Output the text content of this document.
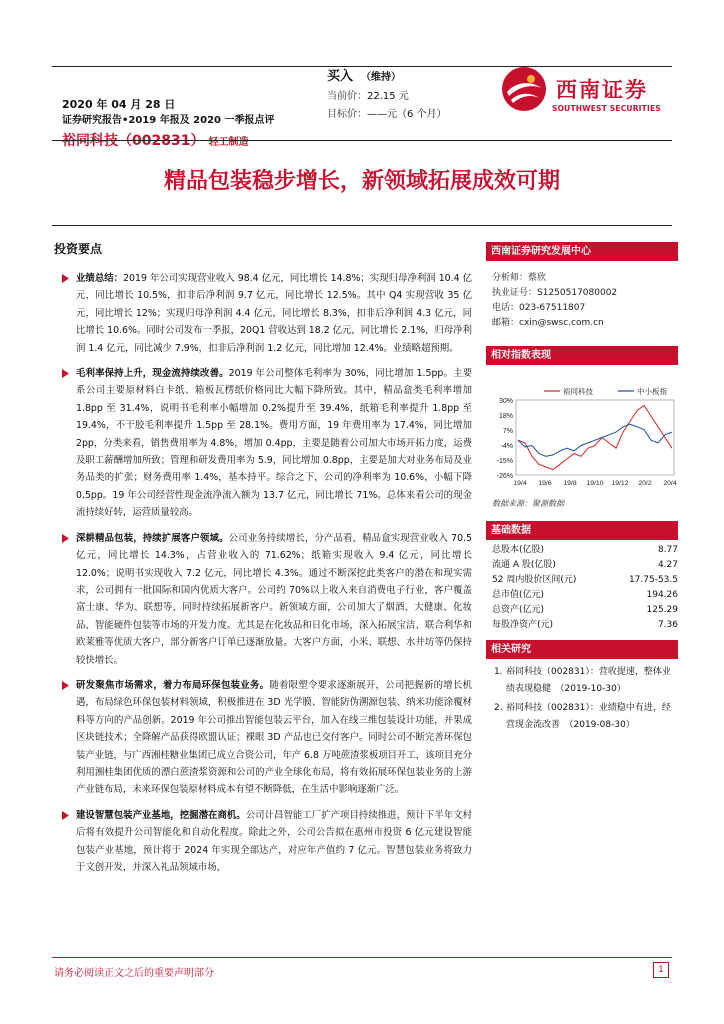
2020 年 04 月 28 日
证券研究报告•2019 年报及 2020 一季报点评
裕同科技（002831） 轻工制造
买入 （维持）
当前价：22.15 元
目标价：——元（6 个月）
西南证券
SOUTHWEST SECURITIES
精品包装稳步增长，新领域拓展成效可期
投资要点
业绩总结：2019 年公司实现营业收入 98.4 亿元，同比增长 14.8%；实现归母净利润 10.4 亿元，同比增长 10.5%，扣非后净利润 9.7 亿元，同比增长 12.5%。其中 Q4 实现营收 35 亿元，同比增长 12%；实现归母净利润 4.4 亿元，同比增长 8.3%，扣非后净利润 4.3 亿元，同比增长 10.6%。同时公司发布一季报，20Q1 营收达到 18.2 亿元，同比增长 2.1%，归母净利润 1.4 亿元，同比减少 7.9%，扣非后净利润 1.2 亿元，同比增加 12.4%。业绩略超预期。
毛利率保持上升，现金流持续改善。2019 年公司整体毛利率为 30%，同比增加 1.5pp。主要系公司主要原材料白卡纸、箱板瓦楞纸价格同比大幅下降所致。其中，精品盒类毛利率增加 1.8pp 至 31.4%，说明书毛利率小幅增加 0.2%提升至 39.4%，纸箱毛利率提升 1.8pp 至 19.4%，不干胶毛利率提升 1.5pp 至 28.1%。费用方面，19 年费用率为 17.4%，同比增加 2pp，分类来看，销售费用率为 4.8%，增加 0.4pp，主要是随着公司加大市场开拓力度，运费及职工薪酬增加所致；管理和研发费用率为 5.9，同比增加 0.8pp，主要是加大对业务布局及业务品类的扩张；财务费用率 1.4%，基本持平。综合之下，公司的净利率为 10.6%，小幅下降 0.5pp。19 年公司经营性现金流净流入额为 13.7 亿元，同比增长 71%。总体来看公司的现金流持续好转，运营质量较高。
深耕精品包装，持续扩展客户领域。公司业务持续增长，分产品看，精品盒实现营业收入 70.5 亿元，同比增长 14.3%，占营业收入的 71.62%；纸箱实现收入 9.4 亿元，同比增长 12.0%；说明书实现收入 7.2 亿元，同比增长 4.3%。通过不断深挖此类客户的潜在和现实需求，公司拥有一批国际和国内优质大客户。公司约 70%以上收入来自消费电子行业，客户覆盖富士康、华为、联想等，同时持续拓展新客户。新领域方面，公司加大了烟酒、大健康、化妆品、智能硬件包装等市场的开发力度。尤其是在化妆品和日化市场，深入拓展宝洁、联合利华和欧莱雅等优质大客户，部分新客户订单已逐渐放量。大客户方面，小米、联想、水井坊等仍保持较快增长。
研发聚焦市场需求，着力布局环保包装业务。随着限塑令要求逐渐展开，公司把握新的增长机遇，布局绿色环保包装材料领域，积极推进在 3D 光学膜、智能防伪溯源包装、纳米功能涂覆材料等方向的产品创新。2019 年公司推出智能包装云平台，加入在线三维包装设计功能，并果成区块链技术；全降解产品获得欧盟认证；裸眼 3D 产品也已交付客户。同时公司不断完善环保包装产业链，与广西湘桂糖业集团已成立合资公司，年产 6.8 万吨蔗渣浆板项目开工，该项目充分利用湘桂集团优质的漂白蔗渣浆资源和公司的产业全球化布局，将有效拓展环保包装业务的上游产业链布局，未来环保包装原材料成本有望不断降低，在生活中影响逐渐广泛。
建设智慧包装产业基地，挖掘潜在商机。公司计昌智能工厂扩产项目持续推进，预计下半年文村后将有效提升公司智能化和自动化程度。除此之外，公司公告拟在惠州市投资 6 亿元建设智能包装产业基地，预计将于 2024 年实现全部达产，对应年产值约 7 亿元。智慧包装业务将致力于文创开发，并深入礼品领域市场，
西南证券研究发展中心
分析师：蔡欣
执业证号：S1250517080002
电话：023-67511807
邮箱：cxin@swsc.com.cn
相对指数表现
30%
18%
7%
-4%
-15%
-26%
19/4 19/6 19/8 19/10 19/12 20/2 20/4
裕同科技	中小板指
数据来源：聚源数据
基础数据
总股本(亿股)	8.77
流通 A 股(亿股)	4.27
52 周内股价区间(元)	17.75-53.5
总市值(亿元)	194.26
总资产(亿元)	125.29
每股净资产(元)	7.36
相关研究
1. 裕同科技（002831）：营收提速，整体业
绩表现稳健　（2019-10-30）
2. 裕同科技（002831）：业绩稳中有进，经
营现金流改善　（2019-08-30）
请务必阅读正文之后的重要声明部分	1
